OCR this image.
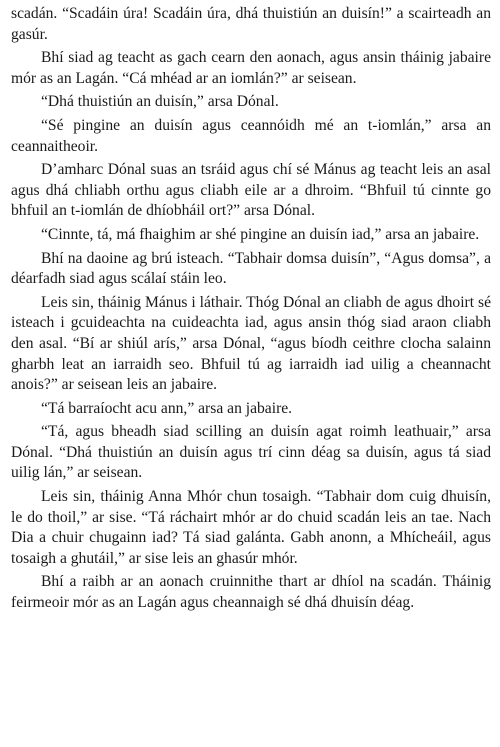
scadán. “Scadáin úra! Scadáin úra, dhá thuistiún an duisín!” a scairteadh an gasúr.

Bhí siad ag teacht as gach cearn den aonach, agus ansin tháinig jabaire mór as an Lagán. “Cá mhéad ar an iomlán?” ar seisean.

“Dhá thuistiún an duisín,” arsa Dónal.

“Sé pingine an duisín agus ceannóidh mé an t-iomlán,” arsa an ceannaitheoir.

D’amharc Dónal suas an tsráid agus chí sé Mánus ag teacht leis an asal agus dhá chliabh orthu agus cliabh eile ar a dhroim. “Bhfuil tú cinnte go bhfuil an t-iomlán de dhíobháil ort?” arsa Dónal.

“Cinnte, tá, má fhaighim ar shé pingine an duisín iad,” arsa an jabaire.

Bhí na daoine ag brú isteach. “Tabhair domsa duisín”, “Agus domsa”, a déarfadh siad agus scálaí stáin leo.

Leis sin, tháinig Mánus i láthair. Thóg Dónal an cliabh de agus dhoirt sé isteach i gcuideachta na cuideachta iad, agus ansin thóg siad araon cliabh den asal. “Bí ar shiúl arís,” arsa Dónal, “agus bíodh ceithre clocha salainn gharbh leat an iarraidh seo. Bhfuil tú ag iarraidh iad uilig a cheannacht anois?” ar seisean leis an jabaire.

“Tá barraíocht acu ann,” arsa an jabaire.

“Tá, agus bheadh siad scilling an duisín agat roimh leathuair,” arsa Dónal. “Dhá thuistiún an duisín agus trí cinn déag sa duisín, agus tá siad uilig lán,” ar seisean.

Leis sin, tháinig Anna Mhór chun tosaigh. “Tabhair dom cuig dhuisín, le do thoil,” ar sise. “Tá ráchairt mhór ar do chuid scadán leis an tae. Nach Dia a chuir chugainn iad? Tá siad galánta. Gabh anonn, a Mhícheáil, agus tosaigh a ghutáil,” ar sise leis an ghasúr mhór.

Bhí a raibh ar an aonach cruinnithe thart ar dhíol na scadán. Tháinig feirmeoir mór as an Lagán agus cheannaigh sé dhá dhuisín déag.
